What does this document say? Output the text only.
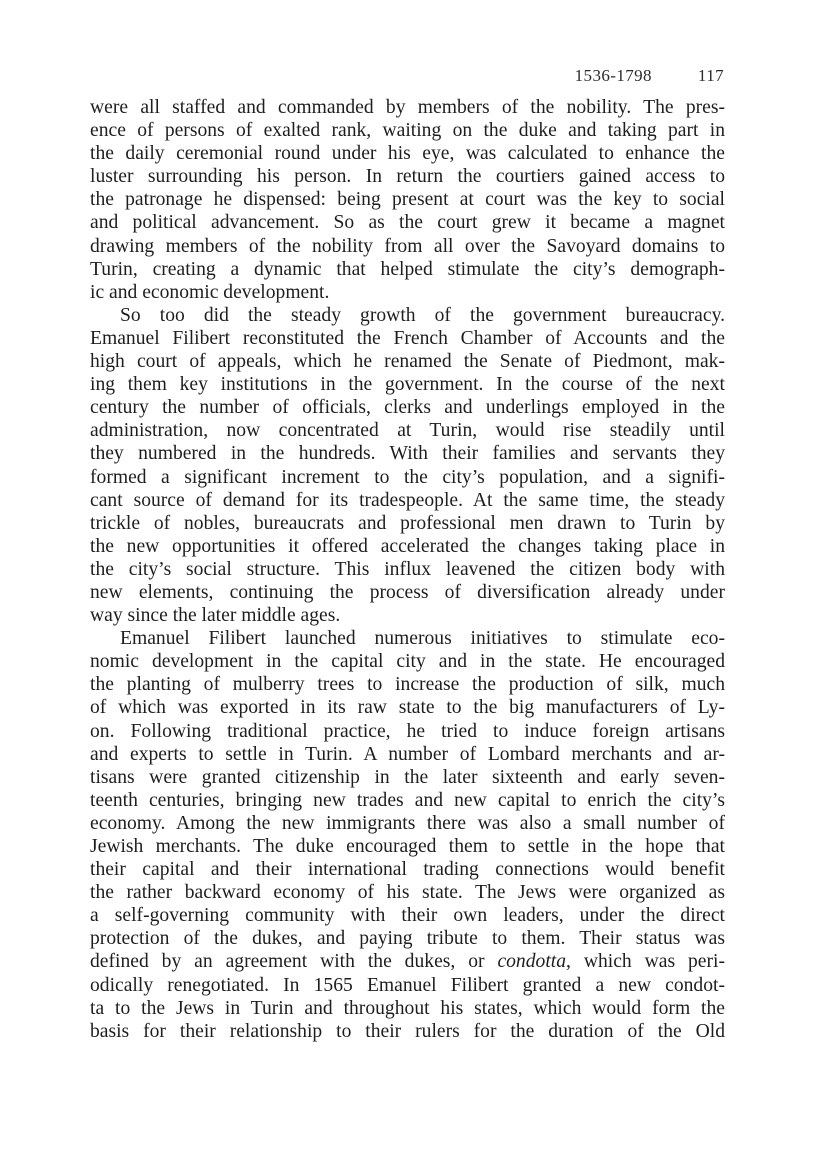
1536-1798	117
were all staffed and commanded by members of the nobility. The pres-
ence of persons of exalted rank, waiting on the duke and taking part in
the daily ceremonial round under his eye, was calculated to enhance the
luster surrounding his person. In return the courtiers gained access to
the patronage he dispensed: being present at court was the key to social
and political advancement. So as the court grew it became a magnet
drawing members of the nobility from all over the Savoyard domains to
Turin, creating a dynamic that helped stimulate the city’s demograph-
ic and economic development.
So too did the steady growth of the government bureaucracy.
Emanuel Filibert reconstituted the French Chamber of Accounts and the
high court of appeals, which he renamed the Senate of Piedmont, mak-
ing them key institutions in the government. In the course of the next
century the number of officials, clerks and underlings employed in the
administration, now concentrated at Turin, would rise steadily until
they numbered in the hundreds. With their families and servants they
formed a significant increment to the city’s population, and a signifi-
cant source of demand for its tradespeople. At the same time, the steady
trickle of nobles, bureaucrats and professional men drawn to Turin by
the new opportunities it offered accelerated the changes taking place in
the city’s social structure. This influx leavened the citizen body with
new elements, continuing the process of diversification already under
way since the later middle ages.
Emanuel Filibert launched numerous initiatives to stimulate eco-
nomic development in the capital city and in the state. He encouraged
the planting of mulberry trees to increase the production of silk, much
of which was exported in its raw state to the big manufacturers of Ly-
on. Following traditional practice, he tried to induce foreign artisans
and experts to settle in Turin. A number of Lombard merchants and ar-
tisans were granted citizenship in the later sixteenth and early seven-
teenth centuries, bringing new trades and new capital to enrich the city’s
economy. Among the new immigrants there was also a small number of
Jewish merchants. The duke encouraged them to settle in the hope that
their capital and their international trading connections would benefit
the rather backward economy of his state. The Jews were organized as
a self-governing community with their own leaders, under the direct
protection of the dukes, and paying tribute to them. Their status was
defined by an agreement with the dukes, or condotta, which was peri-
odically renegotiated. In 1565 Emanuel Filibert granted a new condot-
ta to the Jews in Turin and throughout his states, which would form the
basis for their relationship to their rulers for the duration of the Old
